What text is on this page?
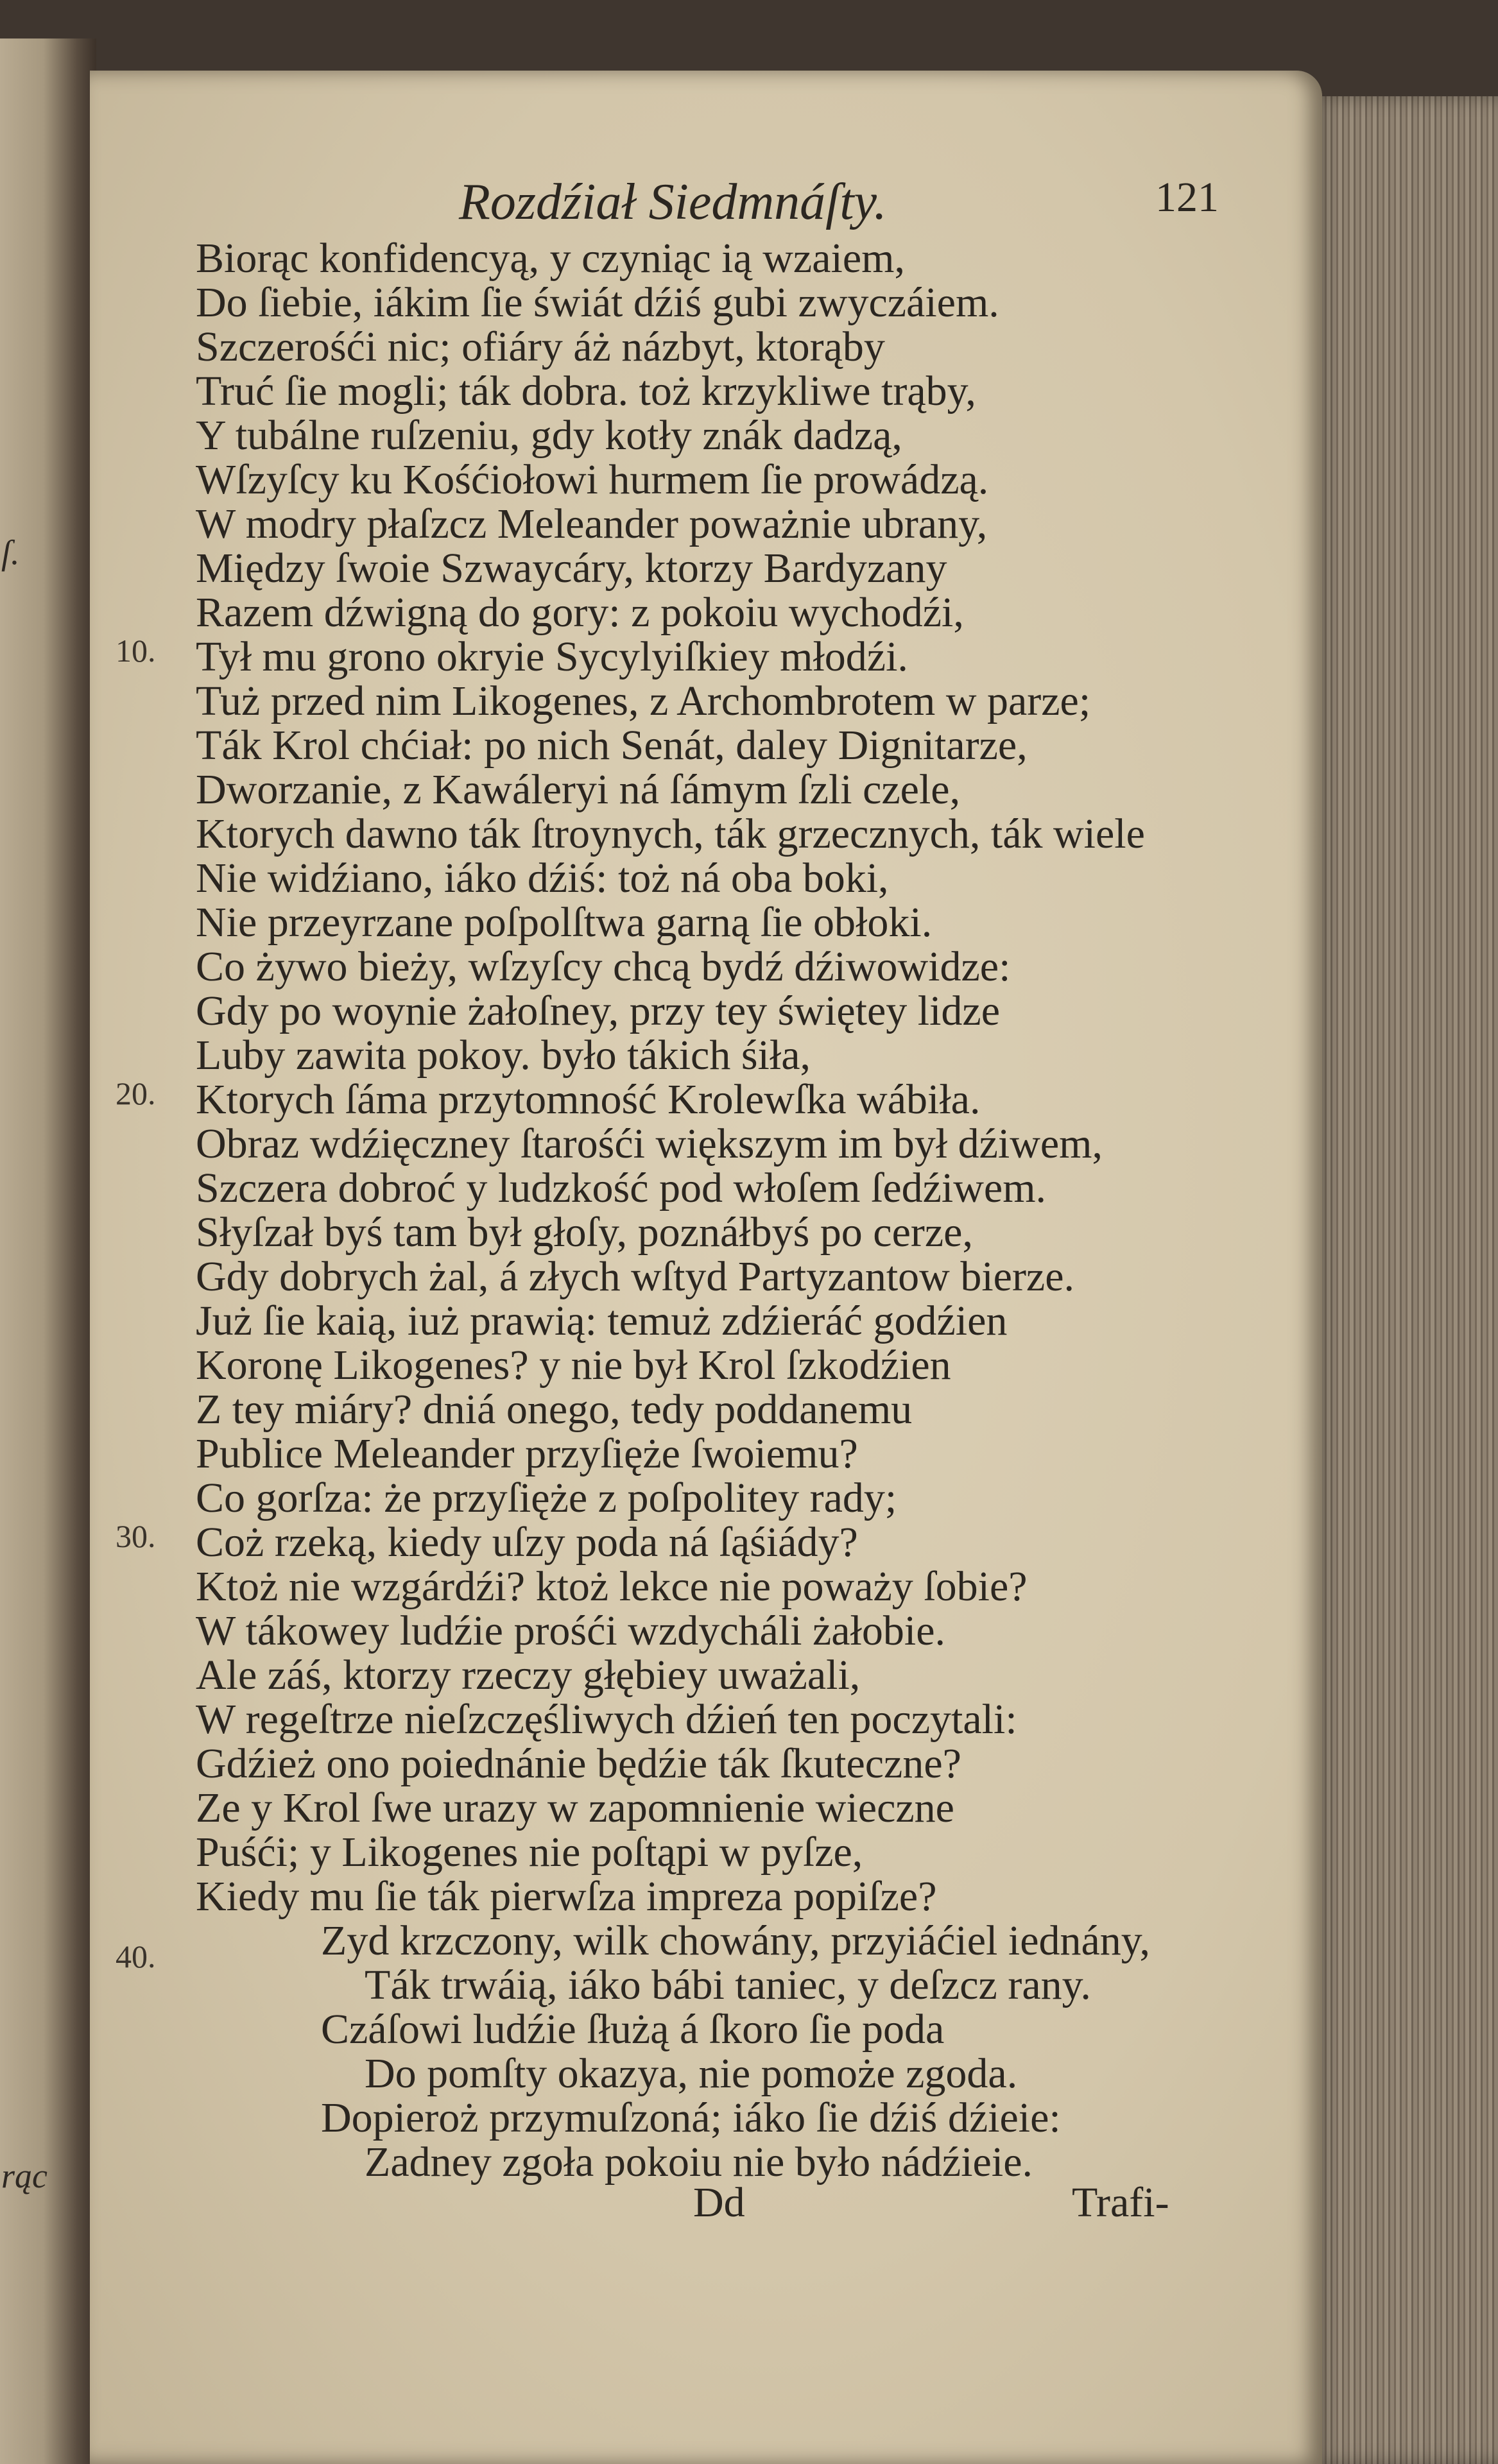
ſ.
rąc
Rozdźiał Siedmnáſty.	121
Biorąc konfidencyą, y czyniąc ią wzaiem,
Do ſiebie, iákim ſie świát dźiś gubi zwyczáiem.
Szczerośći nic; ofiáry áż názbyt, ktorąby
Truć ſie mogli; ták dobra. toż krzykliwe trąby,
Y tubálne ruſzeniu, gdy kotły znák dadzą,
Wſzyſcy ku Kośćiołowi hurmem ſie prowádzą.
W modry płaſzcz Meleander poważnie ubrany,
Między ſwoie Szwaycáry, ktorzy Bardyzany
Razem dźwigną do gory: z pokoiu wychodźi,
Tył mu grono okryie Sycylyiſkiey młodźi.
Tuż przed nim Likogenes, z Archombrotem w parze;
Ták Krol chćiał: po nich Senát, daley Dignitarze,
Dworzanie, z Kawáleryi ná ſámym ſzli czele,
Ktorych dawno ták ſtroynych, ták grzecznych, ták wiele
Nie widźiano, iáko dźiś: toż ná oba boki,
Nie przeyrzane poſpolſtwa garną ſie obłoki.
Co żywo bieży, wſzyſcy chcą bydź dźiwowidze:
Gdy po woynie żałoſney, przy tey świętey lidze
Luby zawita pokoy. było tákich śiła,
Ktorych ſáma przytomność Krolewſka wábiła.
Obraz wdźięczney ſtarośći większym im był dźiwem,
Szczera dobroć y ludzkość pod włoſem ſedźiwem.
Słyſzał byś tam był głoſy, poznáłbyś po cerze,
Gdy dobrych żal, á złych wſtyd Partyzantow bierze.
Już ſie kaią, iuż prawią: temuż zdźieráć godźien
Koronę Likogenes? y nie był Krol ſzkodźien
Z tey miáry? dniá onego, tedy poddanemu
Publice Meleander przyſięże ſwoiemu?
Co gorſza: że przyſięże z poſpolitey rady;
Coż rzeką, kiedy uſzy poda ná ſąśiády?
Ktoż nie wzgárdźi? ktoż lekce nie poważy ſobie?
W tákowey ludźie prośći wzdycháli żałobie.
Ale záś, ktorzy rzeczy głębiey uważali,
W regeſtrze nieſzczęśliwych dźień ten poczytali:
Gdźież ono poiednánie będźie ták ſkuteczne?
Ze y Krol ſwe urazy w zapomnienie wieczne
Puśći; y Likogenes nie poſtąpi w pyſze,
Kiedy mu ſie ták pierwſza impreza popiſze?
Zyd krzczony, wilk chowány, przyiáćiel iednány,
Ták trwáią, iáko bábi taniec, y deſzcz rany.
Czáſowi ludźie ſłużą á ſkoro ſie poda
Do pomſty okazya, nie pomoże zgoda.
Dopieroż przymuſzoná; iáko ſie dźiś dźieie:
Zadney zgoła pokoiu nie było nádźieie.
10.
20.
30.
40.
Dd	Trafi-
